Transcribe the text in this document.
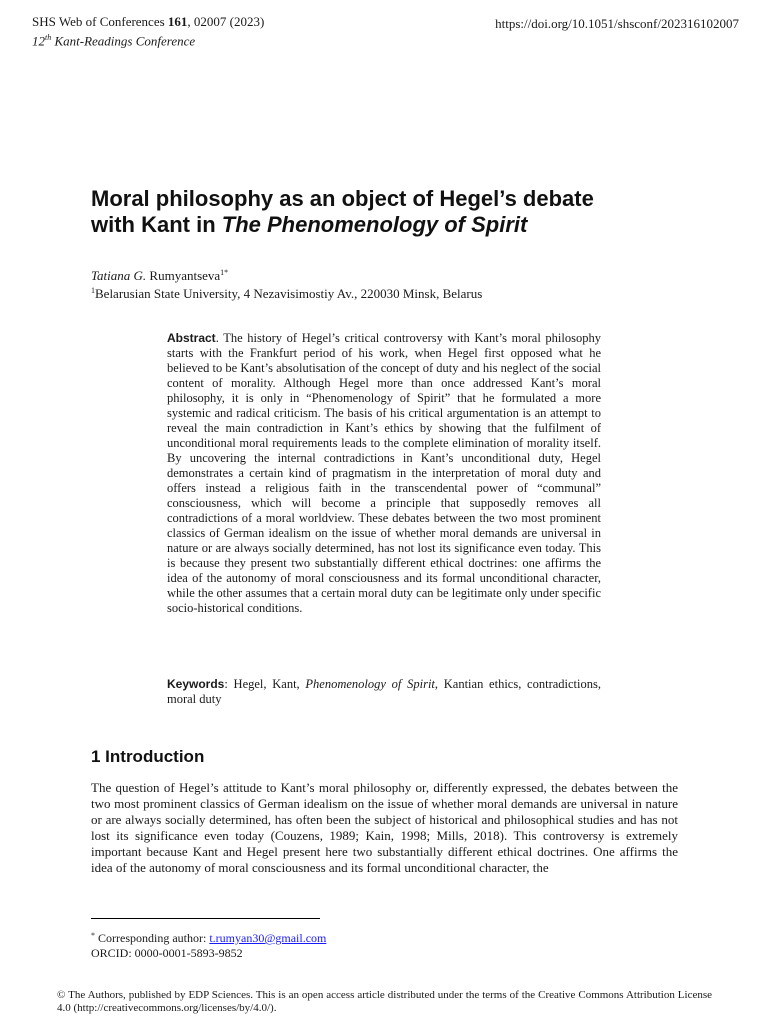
SHS Web of Conferences 161, 02007 (2023)
12th Kant-Readings Conference
https://doi.org/10.1051/shsconf/202316102007
Moral philosophy as an object of Hegel’s debate
with Kant in The Phenomenology of Spirit
Tatiana G. Rumyantseva$^{1*}$
$^1$Belarusian State University, 4 Nezavisimostiy Av., 220030 Minsk, Belarus
Abstract. The history of Hegel’s critical controversy with Kant’s moral philosophy starts with the Frankfurt period of his work, when Hegel first opposed what he believed to be Kant’s absolutisation of the concept of duty and his neglect of the social content of morality. Although Hegel more than once addressed Kant’s moral philosophy, it is only in “Phenomenology of Spirit” that he formulated a more systemic and radical criticism. The basis of his critical argumentation is an attempt to reveal the main contradiction in Kant’s ethics by showing that the fulfilment of unconditional moral requirements leads to the complete elimination of morality itself. By uncovering the internal contradictions in Kant’s unconditional duty, Hegel demonstrates a certain kind of pragmatism in the interpretation of moral duty and offers instead a religious faith in the transcendental power of “communal” consciousness, which will become a principle that supposedly removes all contradictions of a moral worldview. These debates between the two most prominent classics of German idealism on the issue of whether moral demands are universal in nature or are always socially determined, has not lost its significance even today. This is because they present two substantially different ethical doctrines: one affirms the idea of the autonomy of moral consciousness and its formal unconditional character, while the other assumes that a certain moral duty can be legitimate only under specific socio-historical conditions.
Keywords: Hegel, Kant, Phenomenology of Spirit, Kantian ethics, contradictions, moral duty
1 Introduction
The question of Hegel’s attitude to Kant’s moral philosophy or, differently expressed, the debates between the two most prominent classics of German idealism on the issue of whether moral demands are universal in nature or are always socially determined, has often been the subject of historical and philosophical studies and has not lost its significance even today (Couzens, 1989; Kain, 1998; Mills, 2018). This controversy is extremely important because Kant and Hegel present here two substantially different ethical doctrines. One affirms the idea of the autonomy of moral consciousness and its formal unconditional character, the
* Corresponding author: t.rumyan30@gmail.com
ORCID: 0000-0001-5893-9852
© The Authors, published by EDP Sciences. This is an open access article distributed under the terms of the Creative Commons Attribution License 4.0 (http://creativecommons.org/licenses/by/4.0/).
